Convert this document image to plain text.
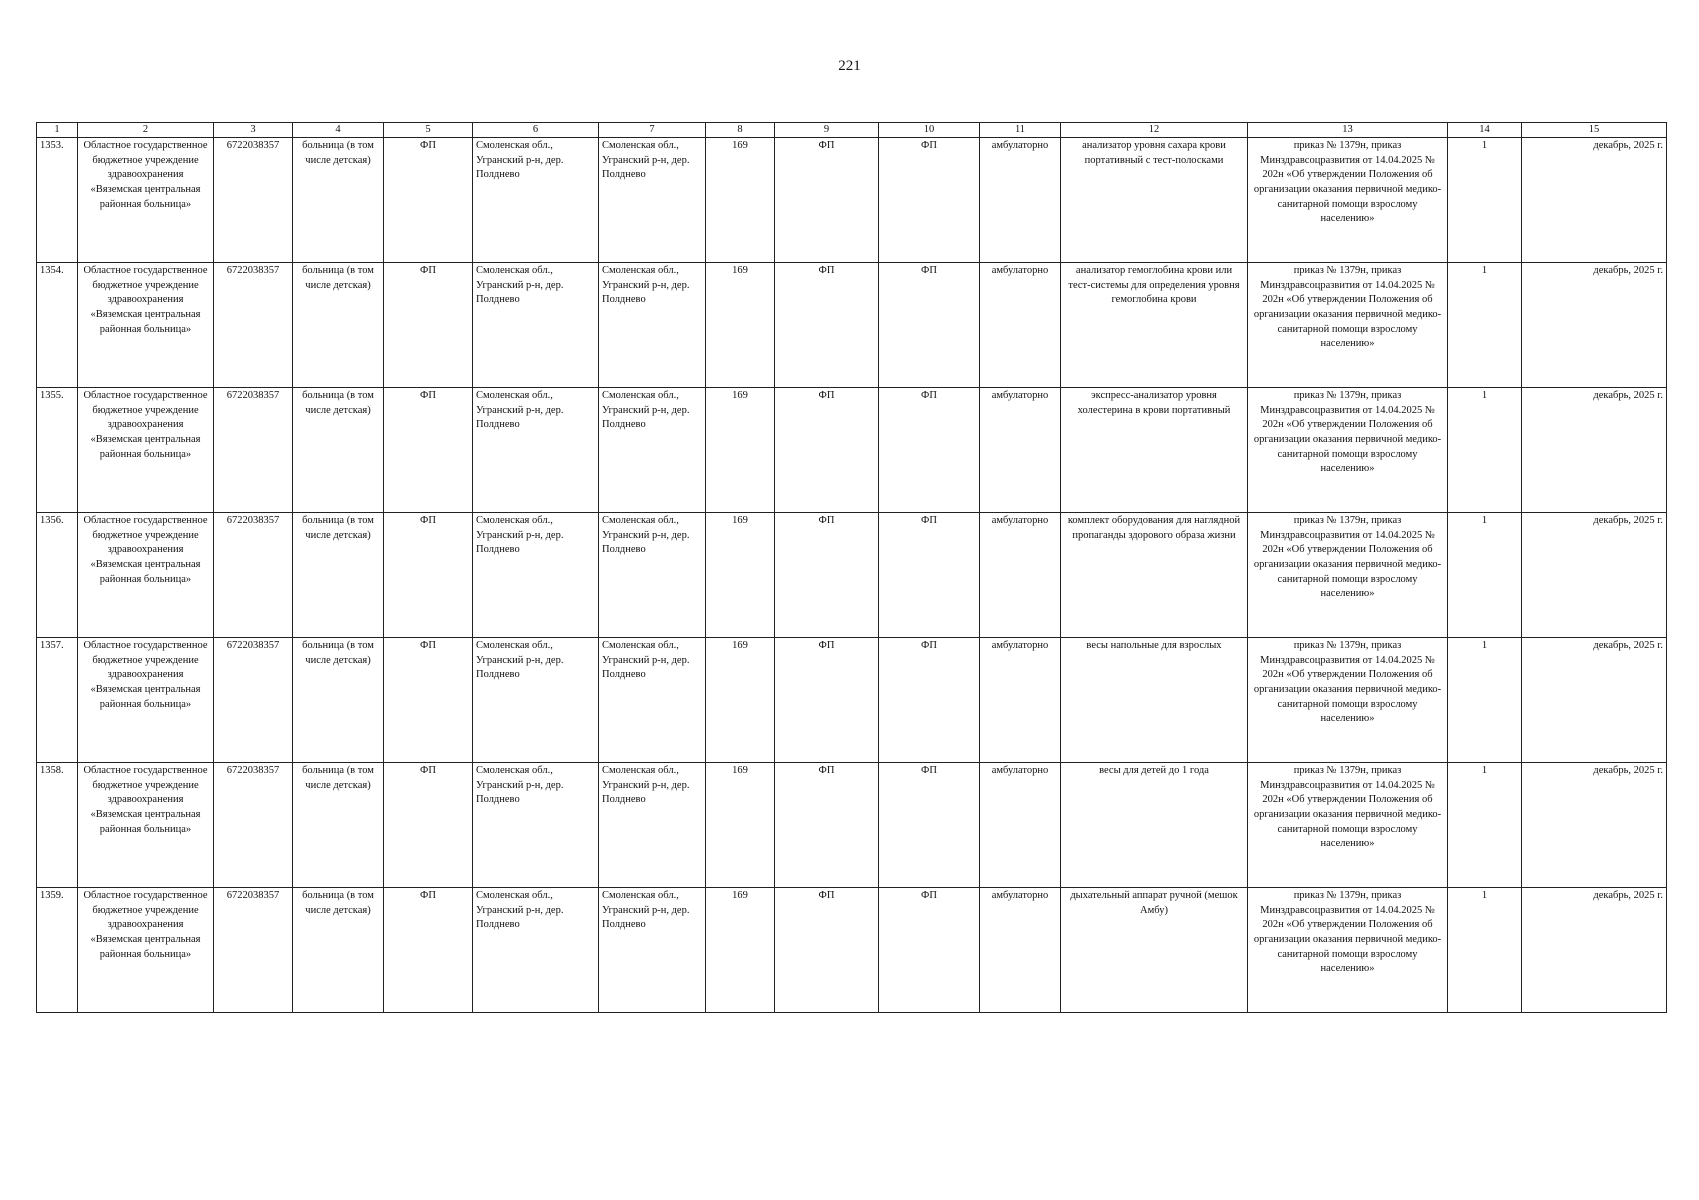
221
1	2	3	4	5	6	7	8	9	10	11	12	13	14	15
1353.	Областное государственное бюджетное учреждение здравоохранения «Вяземская центральная районная больница»	6722038357	больница (в том числе детская)	ФП	Смоленская обл., Угранский р-н, дер. Полднево	Смоленская обл., Угранский р-н, дер. Полднево	169	ФП	ФП	амбулаторно	анализатор уровня сахара крови портативный с тест-полосками	приказ № 1379н, приказ Минздравсоцразвития от 14.04.2025 № 202н «Об утверждении Положения об организации оказания первичной медико-санитарной помощи взрослому населению»	1	декабрь, 2025 г.
1354.	Областное государственное бюджетное учреждение здравоохранения «Вяземская центральная районная больница»	6722038357	больница (в том числе детская)	ФП	Смоленская обл., Угранский р-н, дер. Полднево	Смоленская обл., Угранский р-н, дер. Полднево	169	ФП	ФП	амбулаторно	анализатор гемоглобина крови или тест-системы для определения уровня гемоглобина крови	приказ № 1379н, приказ Минздравсоцразвития от 14.04.2025 № 202н «Об утверждении Положения об организации оказания первичной медико-санитарной помощи взрослому населению»	1	декабрь, 2025 г.
1355.	Областное государственное бюджетное учреждение здравоохранения «Вяземская центральная районная больница»	6722038357	больница (в том числе детская)	ФП	Смоленская обл., Угранский р-н, дер. Полднево	Смоленская обл., Угранский р-н, дер. Полднево	169	ФП	ФП	амбулаторно	экспресс-анализатор уровня холестерина в крови портативный	приказ № 1379н, приказ Минздравсоцразвития от 14.04.2025 № 202н «Об утверждении Положения об организации оказания первичной медико-санитарной помощи взрослому населению»	1	декабрь, 2025 г.
1356.	Областное государственное бюджетное учреждение здравоохранения «Вяземская центральная районная больница»	6722038357	больница (в том числе детская)	ФП	Смоленская обл., Угранский р-н, дер. Полднево	Смоленская обл., Угранский р-н, дер. Полднево	169	ФП	ФП	амбулаторно	комплект оборудования для наглядной пропаганды здорового образа жизни	приказ № 1379н, приказ Минздравсоцразвития от 14.04.2025 № 202н «Об утверждении Положения об организации оказания первичной медико-санитарной помощи взрослому населению»	1	декабрь, 2025 г.
1357.	Областное государственное бюджетное учреждение здравоохранения «Вяземская центральная районная больница»	6722038357	больница (в том числе детская)	ФП	Смоленская обл., Угранский р-н, дер. Полднево	Смоленская обл., Угранский р-н, дер. Полднево	169	ФП	ФП	амбулаторно	весы напольные для взрослых	приказ № 1379н, приказ Минздравсоцразвития от 14.04.2025 № 202н «Об утверждении Положения об организации оказания первичной медико-санитарной помощи взрослому населению»	1	декабрь, 2025 г.
1358.	Областное государственное бюджетное учреждение здравоохранения «Вяземская центральная районная больница»	6722038357	больница (в том числе детская)	ФП	Смоленская обл., Угранский р-н, дер. Полднево	Смоленская обл., Угранский р-н, дер. Полднево	169	ФП	ФП	амбулаторно	весы для детей до 1 года	приказ № 1379н, приказ Минздравсоцразвития от 14.04.2025 № 202н «Об утверждении Положения об организации оказания первичной медико-санитарной помощи взрослому населению»	1	декабрь, 2025 г.
1359.	Областное государственное бюджетное учреждение здравоохранения «Вяземская центральная районная больница»	6722038357	больница (в том числе детская)	ФП	Смоленская обл., Угранский р-н, дер. Полднево	Смоленская обл., Угранский р-н, дер. Полднево	169	ФП	ФП	амбулаторно	дыхательный аппарат ручной (мешок Амбу)	приказ № 1379н, приказ Минздравсоцразвития от 14.04.2025 № 202н «Об утверждении Положения об организации оказания первичной медико-санитарной помощи взрослому населению»	1	декабрь, 2025 г.
